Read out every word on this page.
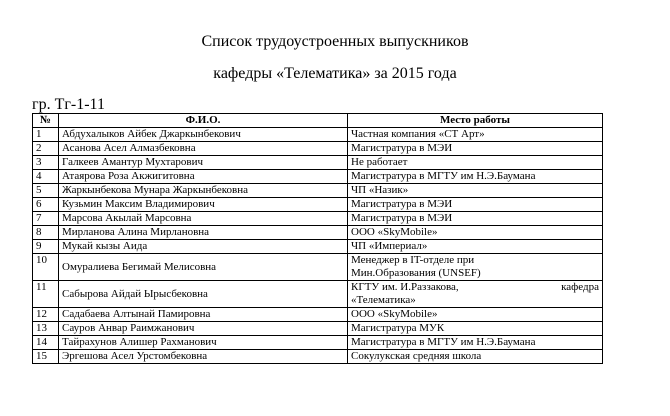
Список трудоустроенных выпускников
кафедры «Телематика» за 2015 года
гр. Тг-1-11
№	Ф.И.О.	Место работы
1	Абдухалыков Айбек Джаркынбекович	Частная компания «СТ Арт»
2	Асанова Асел Алмазбековна	Магистратура в МЭИ
3	Галкеев Амантур Мухтарович	Не работает
4	Атаярова Роза Акжигитовна	Магистратура в МГТУ им Н.Э.Баумана
5	Жаркынбекова Мунара Жаркынбековна	ЧП «Назик»
6	Кузьмин Максим Владимирович	Магистратура в МЭИ
7	Марсова Акылай Марсовна	Магистратура в МЭИ
8	Мирланова Алина Мирлановна	ООО «SkyMobile»
9	Мукай кызы Аида	ЧП «Империал»
10	Омуралиева Бегимай Мелисовна	Менеджер в IT-отделе при
Мин.Образования (UNSEF)

11	Сабырова Айдай Ырысбековна	КГТУ им. И.Раззакова, кафедра
«Телематика»

12	Садабаева Алтынай Памировна	ООО «SkyMobile»
13	Сауров Анвар Раимжанович	Магистратура МУК
14	Тайрахунов Алишер Рахманович	Магистратура в МГТУ им Н.Э.Баумана
15	Эргешова Асел Урстомбековна	Сокулукская средняя школа
